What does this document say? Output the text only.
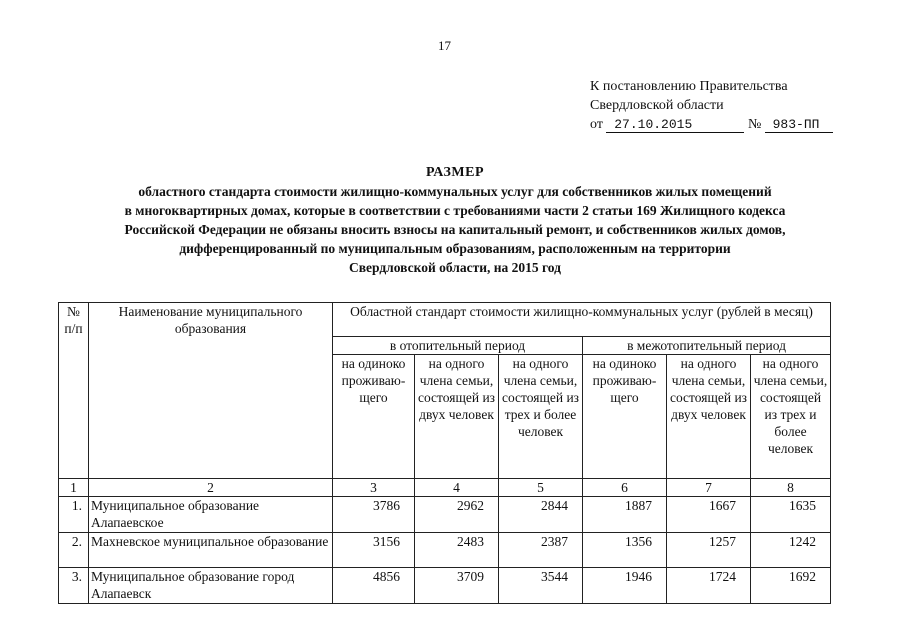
17
К постановлению Правительства
Свердловской области
от 27.10.2015	№ 983-ПП
РАЗМЕР
областного стандарта стоимости жилищно-коммунальных услуг для собственников жилых помещений
в многоквартирных домах, которые в соответствии с требованиями части 2 статьи 169 Жилищного кодекса
Российской Федерации не обязаны вносить взносы на капитальный ремонт, и собственников жилых домов,
дифференцированный по муниципальным образованиям, расположенным на территории
Свердловской области, на 2015 год
№ п/п	Наименование муниципального образования	Областной стандарт стоимости жилищно-коммунальных услуг (рублей в месяц)					
		в отопительный период			в межотопительный период		
		на одиноко проживаю-щего	на одного члена семьи, состоящей из двух человек	на одного члена семьи, состоящей из трех и более человек	на одиноко проживаю-щего	на одного члена семьи, состоящей из двух человек	на одного члена семьи, состоящей из трех и более человек
1	2	3	4	5	6	7	8
1.	Муниципальное образование Алапаевское	3786	2962	2844	1887	1667	1635
2.	Махневское муниципальное образование	3156	2483	2387	1356	1257	1242
3.	Муниципальное образование город Алапаевск	4856	3709	3544	1946	1724	1692
